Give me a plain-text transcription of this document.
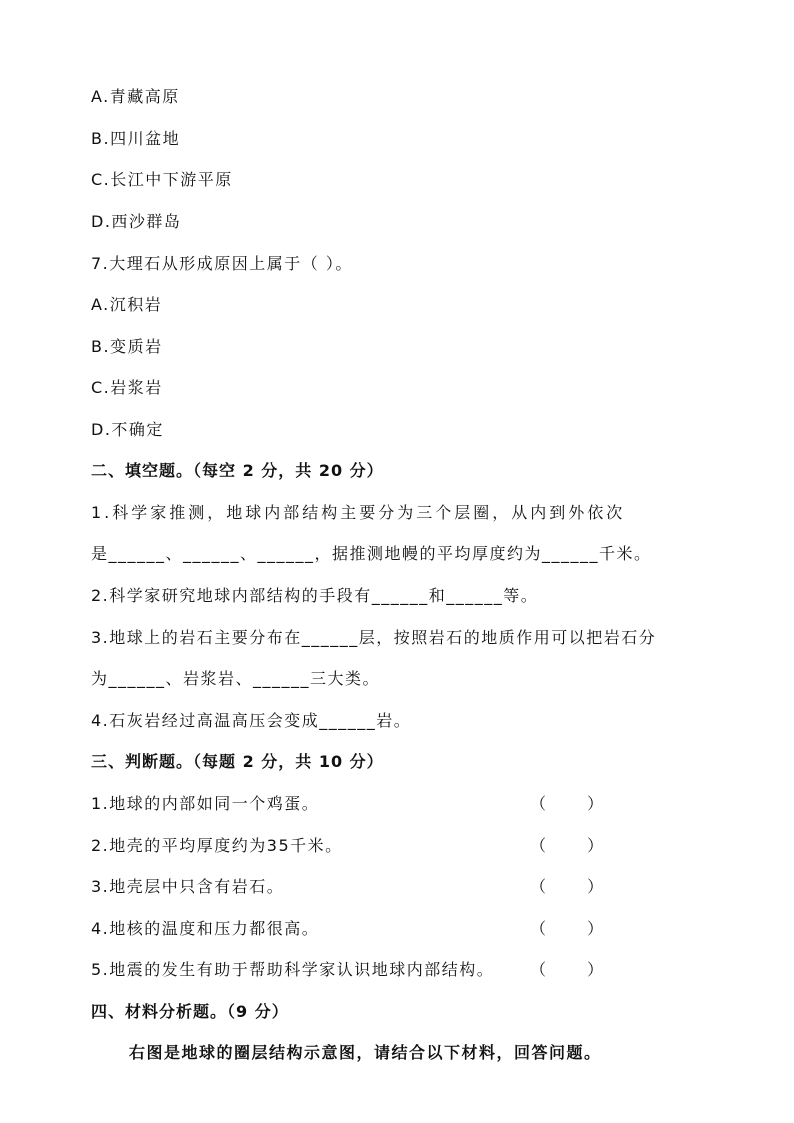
A.青藏高原
B.四川盆地
C.长江中下游平原
D.西沙群岛
7.大理石从形成原因上属于（ ）。
A.沉积岩
B.变质岩
C.岩浆岩
D.不确定
二、填空题。（每空 2 分，共 20 分）
1.科学家推测，地球内部结构主要分为三个层圈，从内到外依次
是______、______、______，据推测地幔的平均厚度约为______千米。
2.科学家研究地球内部结构的手段有______和______等。
3.地球上的岩石主要分布在______层，按照岩石的地质作用可以把岩石分
为______、岩浆岩、______三大类。
4.石灰岩经过高温高压会变成______岩。
三、判断题。（每题 2 分，共 10 分）
1.地球的内部如同一个鸡蛋。	（ ）
2.地壳的平均厚度约为35千米。	（ ）
3.地壳层中只含有岩石。	（ ）
4.地核的温度和压力都很高。	（ ）
5.地震的发生有助于帮助科学家认识地球内部结构。 （ ）
四、材料分析题。（9 分）
右图是地球的圈层结构示意图，请结合以下材料，回答问题。
